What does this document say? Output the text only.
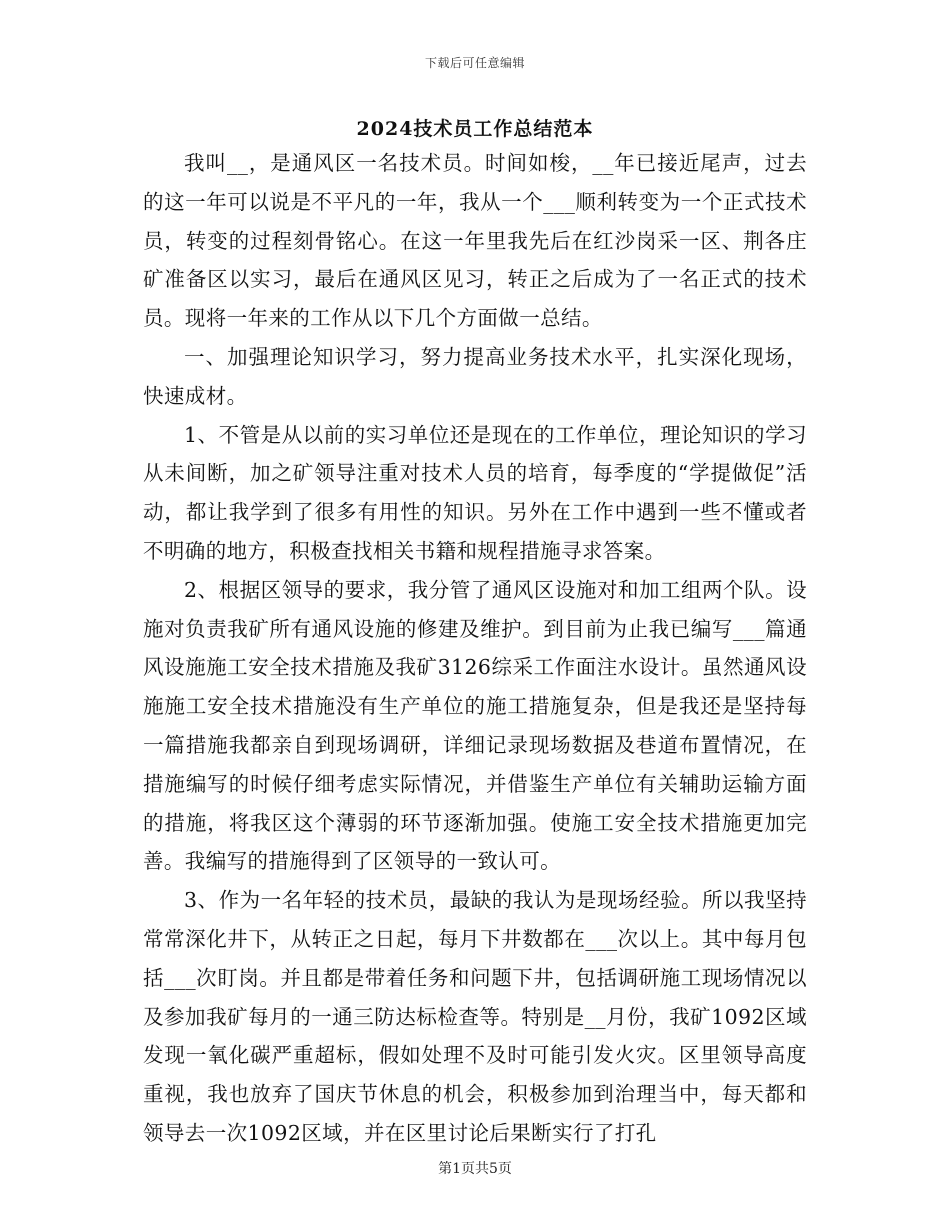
下载后可任意编辑
2024技术员工作总结范本

我叫__，是通风区一名技术员。时间如梭，__年已接近尾声，过去的这一年可以说是不平凡的一年，我从一个___顺利转变为一个正式技术员，转变的过程刻骨铭心。在这一年里我先后在红沙岗采一区、荆各庄矿准备区以实习，最后在通风区见习，转正之后成为了一名正式的技术员。现将一年来的工作从以下几个方面做一总结。

一、加强理论知识学习，努力提高业务技术水平，扎实深化现场，快速成材。

1、不管是从以前的实习单位还是现在的工作单位，理论知识的学习从未间断，加之矿领导注重对技术人员的培育，每季度的“学提做促”活动，都让我学到了很多有用性的知识。另外在工作中遇到一些不懂或者不明确的地方，积极查找相关书籍和规程措施寻求答案。

2、根据区领导的要求，我分管了通风区设施对和加工组两个队。设施对负责我矿所有通风设施的修建及维护。到目前为止我已编写___篇通风设施施工安全技术措施及我矿3126综采工作面注水设计。虽然通风设施施工安全技术措施没有生产单位的施工措施复杂，但是我还是坚持每一篇措施我都亲自到现场调研，详细记录现场数据及巷道布置情况，在措施编写的时候仔细考虑实际情况，并借鉴生产单位有关辅助运输方面的措施，将我区这个薄弱的环节逐渐加强。使施工安全技术措施更加完善。我编写的措施得到了区领导的一致认可。

3、作为一名年轻的技术员，最缺的我认为是现场经验。所以我坚持常常深化井下，从转正之日起，每月下井数都在___次以上。其中每月包括___次盯岗。并且都是带着任务和问题下井，包括调研施工现场情况以及参加我矿每月的一通三防达标检查等。特别是__月份，我矿1092区域发现一氧化碳严重超标，假如处理不及时可能引发火灾。区里领导高度重视，我也放弃了国庆节休息的机会，积极参加到治理当中，每天都和领导去一次1092区域，并在区里讨论后果断实行了打孔

第1页共5页
